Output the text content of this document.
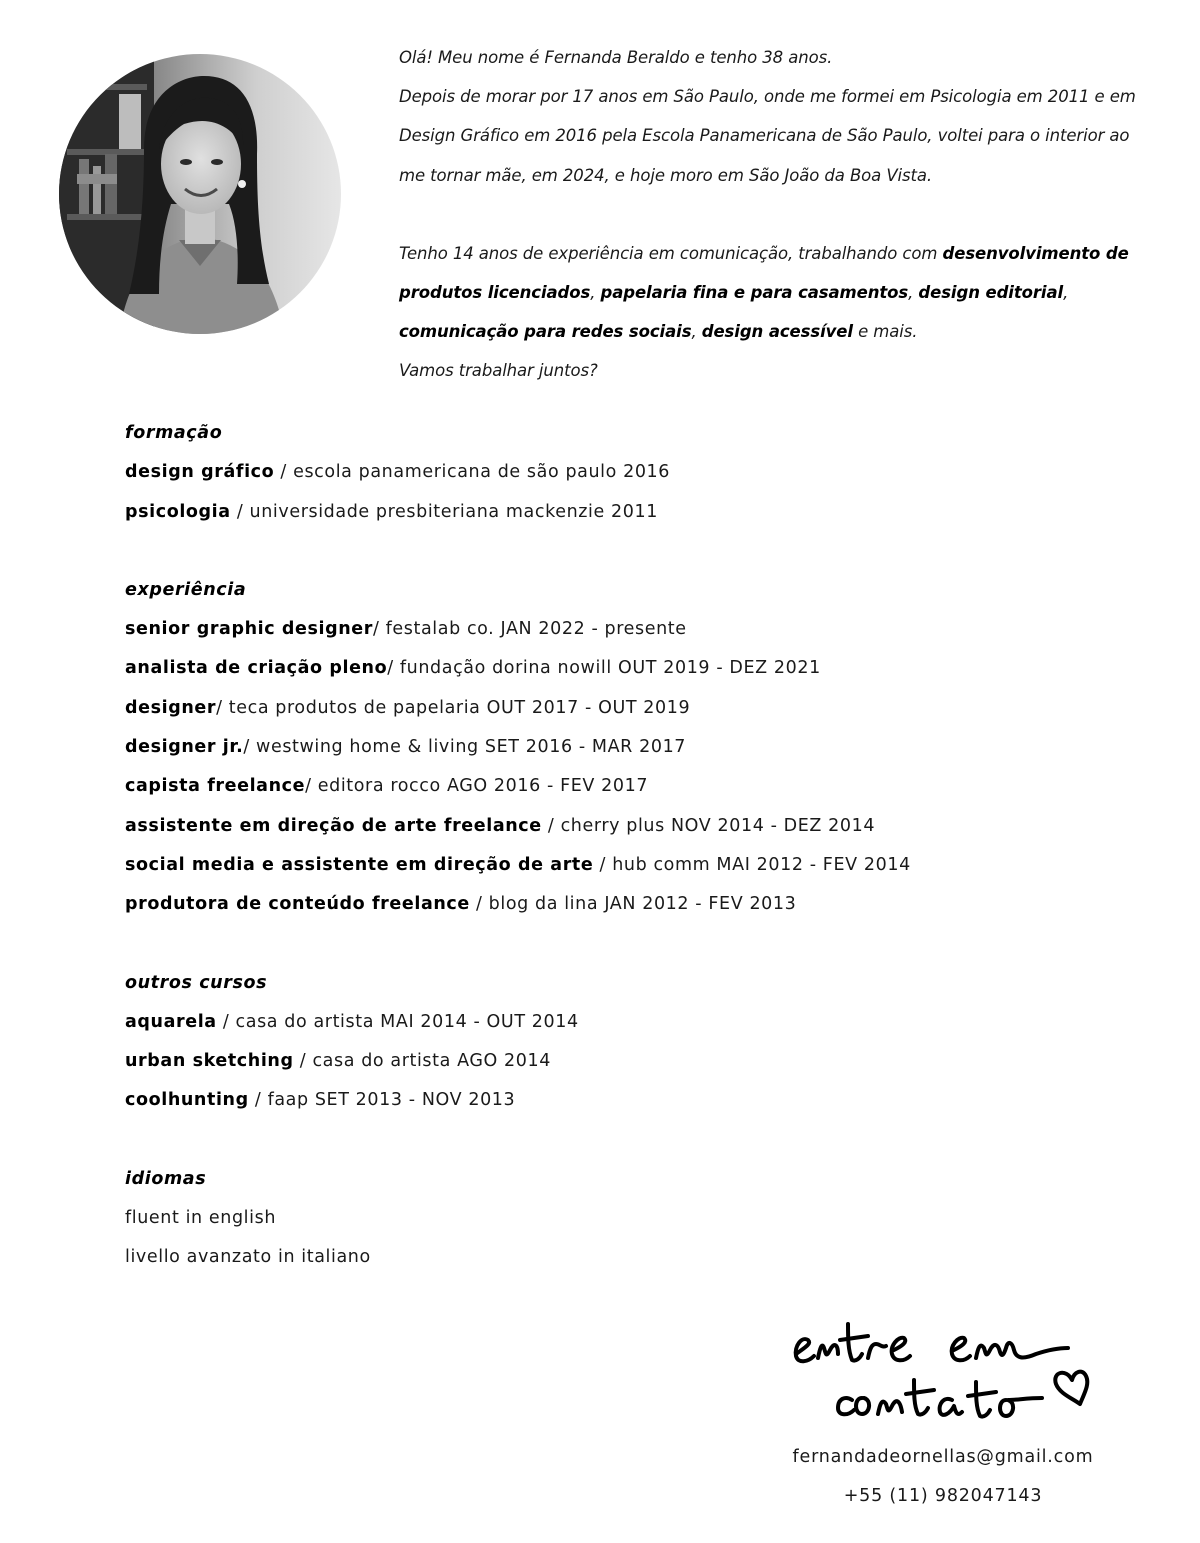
Olá! Meu nome é Fernanda Beraldo e tenho 38 anos.

Depois de morar por 17 anos em São Paulo, onde me formei em Psicologia em 2011 e em Design Gráfico em 2016 pela Escola Panamericana de São Paulo, voltei para o interior ao me tornar mãe, em 2024, e hoje moro em São João da Boa Vista.

Tenho 14 anos de experiência em comunicação, trabalhando com desenvolvimento de produtos licenciados, papelaria fina e para casamentos, design editorial, comunicação para redes sociais, design acessível e mais.

Vamos trabalhar juntos?

formação
design gráfico / escola panamericana de são paulo 2016
psicologia / universidade presbiteriana mackenzie 2011
experiência
senior graphic designer/ festalab co. JAN 2022 - presente
analista de criação pleno/ fundação dorina nowill OUT 2019 - DEZ 2021
designer/ teca produtos de papelaria OUT 2017 - OUT 2019
designer jr./ westwing home & living SET 2016 - MAR 2017
capista freelance/ editora rocco AGO 2016 - FEV 2017
assistente em direção de arte freelance / cherry plus NOV 2014 - DEZ 2014
social media e assistente em direção de arte / hub comm MAI 2012 - FEV 2014
produtora de conteúdo freelance / blog da lina JAN 2012 - FEV 2013
outros cursos
aquarela / casa do artista MAI 2014 - OUT 2014
urban sketching / casa do artista AGO 2014
coolhunting / faap SET 2013 - NOV 2013
idiomas
fluent in english
livello avanzato in italiano
fernandadeornellas@gmail.com
+55 (11) 982047143
